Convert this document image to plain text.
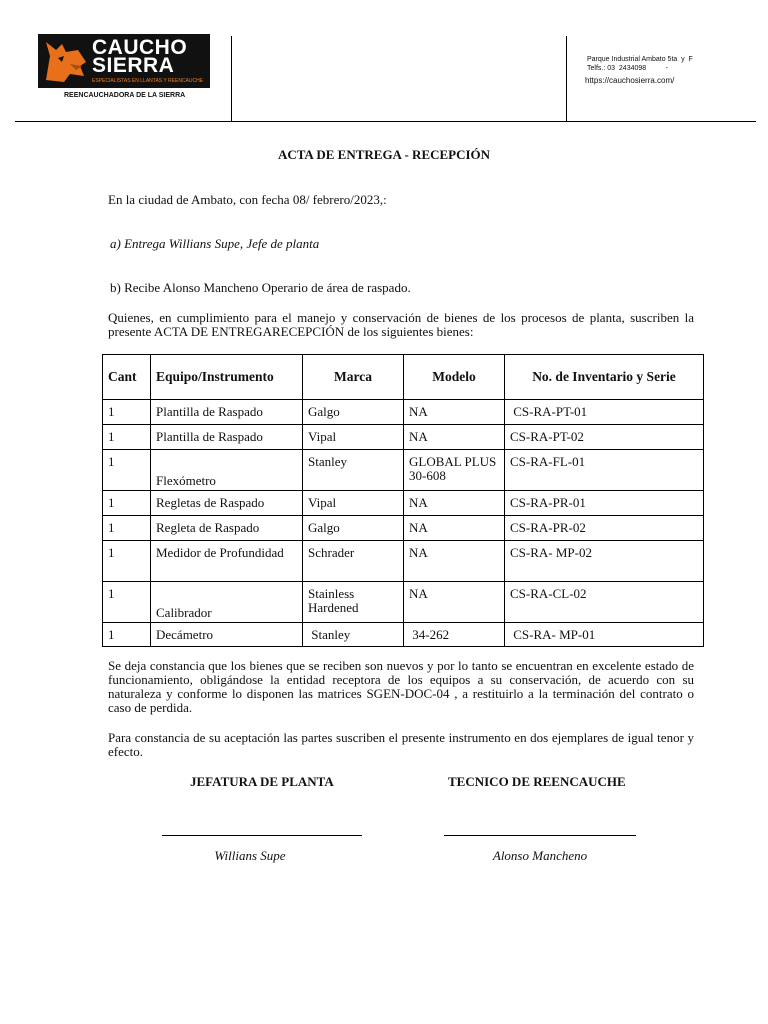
CAUCHO
SIERRA
ESPECIALISTAS EN LLANTAS Y REENCAUCHE
REENCAUCHADORA DE LA SIERRA
Parque Industrial Ambato 5ta  y  F
Telfs.: 03  2434098          -
https://cauchosierra.com/
ACTA DE ENTREGA - RECEPCIÓN
En la ciudad de Ambato, con fecha 08/ febrero/2023,:
a) Entrega Willians Supe, Jefe de planta
b) Recibe Alonso Mancheno Operario de área de raspado.
Quienes, en cumplimiento para el manejo y conservación de bienes de los procesos de planta, suscriben la presente ACTA DE ENTREGARECEPCIÓN de los siguientes bienes:
Cant	Equipo/Instrumento	Marca	Modelo	No. de Inventario y Serie
1	Plantilla de Raspado	Galgo	NA	CS-RA-PT-01
1	Plantilla de Raspado	Vipal	NA	CS-RA-PT-02
1	Flexómetro	Stanley	GLOBAL PLUS 30-608	CS-RA-FL-01
1	Regletas de Raspado	Vipal	NA	CS-RA-PR-01
1	Regleta de Raspado	Galgo	NA	CS-RA-PR-02
1	Medidor de Profundidad	Schrader	NA	CS-RA- MP-02
1	Calibrador	Stainless Hardened	NA	CS-RA-CL-02
1	Decámetro	Stanley	34-262	CS-RA- MP-01
Se deja constancia que los bienes que se reciben son nuevos y por lo tanto se encuentran en excelente estado de funcionamiento, obligándose la entidad receptora de los equipos a su conservación, de acuerdo con su naturaleza y conforme lo disponen las matrices SGEN-DOC-04 , a restituirlo a la terminación del contrato o caso de perdida.
Para constancia de su aceptación las partes suscriben el presente instrumento en dos ejemplares de igual tenor y efecto.
JEFATURA DE PLANTA	TECNICO DE REENCAUCHE
Willians Supe	Alonso Mancheno
